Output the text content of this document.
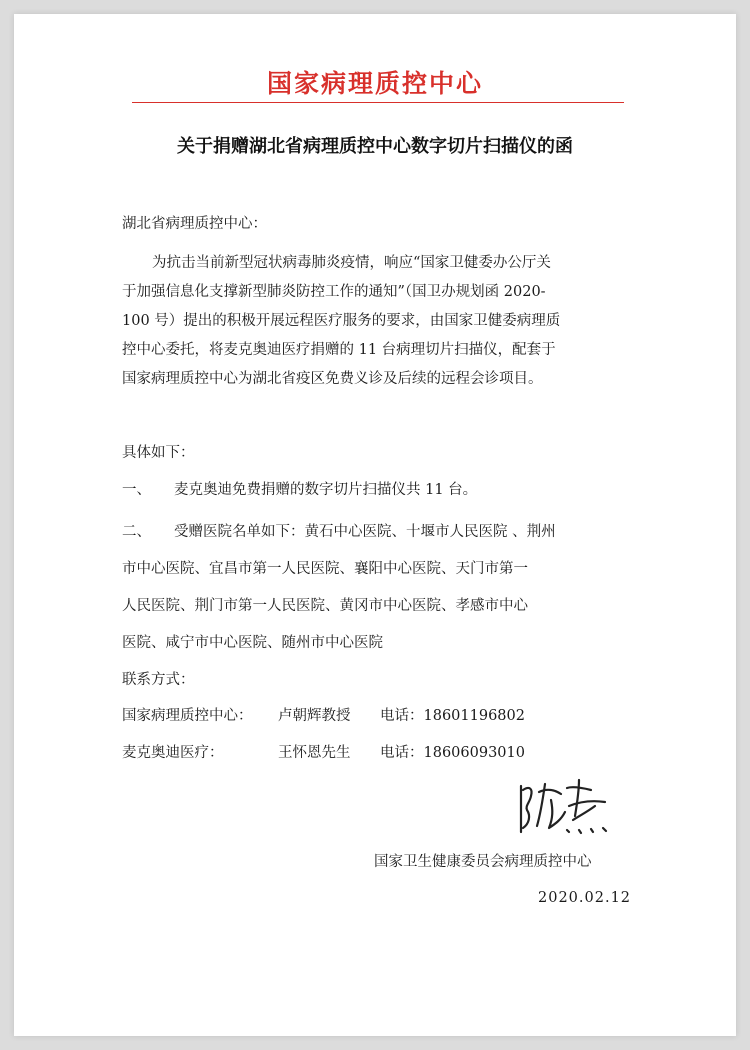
国家病理质控中心
关于捐赠湖北省病理质控中心数字切片扫描仪的函
湖北省病理质控中心：
为抗击当前新型冠状病毒肺炎疫情，响应“国家卫健委办公厅关
于加强信息化支撑新型肺炎防控工作的通知”（国卫办规划函 2020-
100 号）提出的积极开展远程医疗服务的要求，由国家卫健委病理质
控中心委托，将麦克奥迪医疗捐赠的 11 台病理切片扫描仪，配套于
国家病理质控中心为湖北省疫区免费义诊及后续的远程会诊项目。
具体如下：
一、 麦克奥迪免费捐赠的数字切片扫描仪共 11 台。
二、 受赠医院名单如下：黄石中心医院、十堰市人民医院 、荆州
市中心医院、宜昌市第一人民医院、襄阳中心医院、天门市第一
人民医院、荆门市第一人民医院、黄冈市中心医院、孝感市中心
医院、咸宁市中心医院、随州市中心医院
联系方式：
国家病理质控中心： 卢朝辉教授 电话：18601196802
麦克奥迪医疗：	王怀恩先生 电话：18606093010
国家卫生健康委员会病理质控中心
2020.02.12
